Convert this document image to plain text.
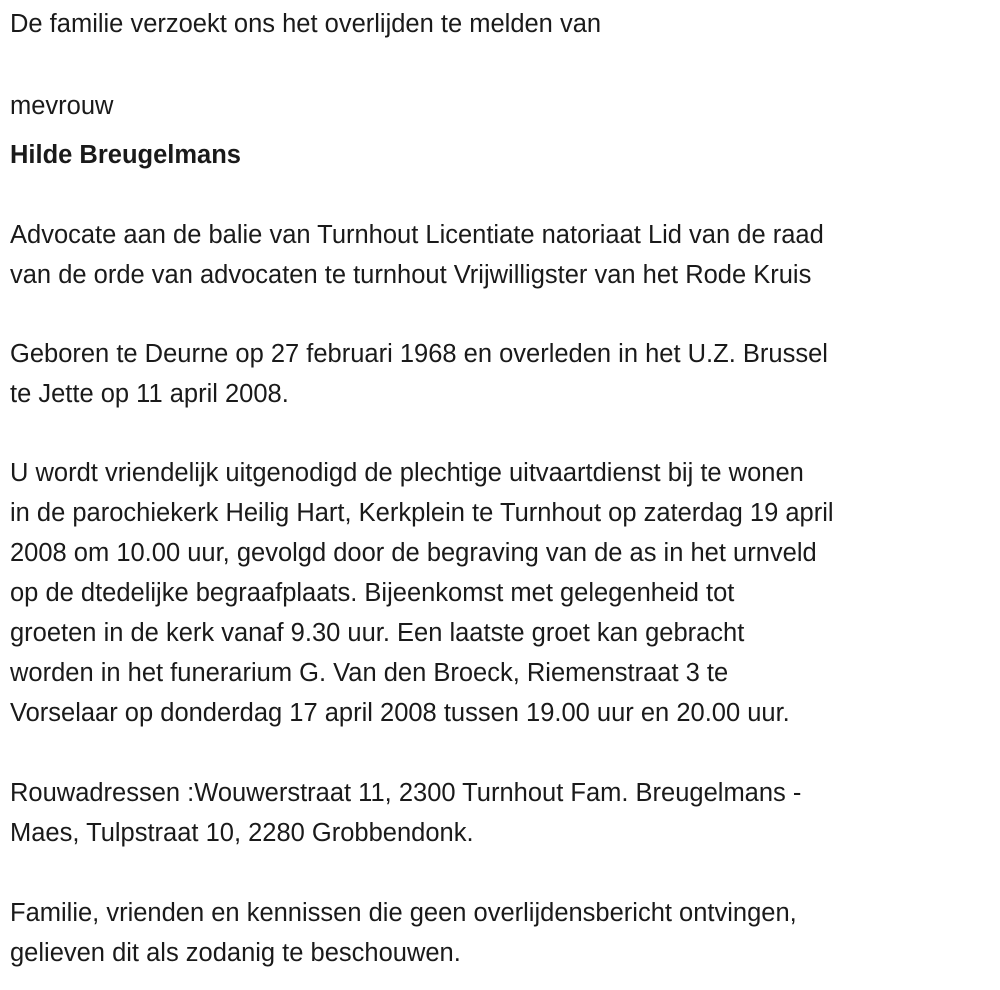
De familie verzoekt ons het overlijden te melden van
mevrouw
Hilde Breugelmans
Advocate aan de balie van Turnhout Licentiate natoriaat Lid van de raad
van de orde van advocaten te turnhout Vrijwilligster van het Rode Kruis
Geboren te Deurne op 27 februari 1968 en overleden in het U.Z. Brussel
te Jette op 11 april 2008.
U wordt vriendelijk uitgenodigd de plechtige uitvaartdienst bij te wonen
in de parochiekerk Heilig Hart, Kerkplein te Turnhout op zaterdag 19 april
2008 om 10.00 uur, gevolgd door de begraving van de as in het urnveld
op de dtedelijke begraafplaats. Bijeenkomst met gelegenheid tot
groeten in de kerk vanaf 9.30 uur. Een laatste groet kan gebracht
worden in het funerarium G. Van den Broeck, Riemenstraat 3 te
Vorselaar op donderdag 17 april 2008 tussen 19.00 uur en 20.00 uur.
Rouwadressen :Wouwerstraat 11, 2300 Turnhout Fam. Breugelmans -
Maes, Tulpstraat 10, 2280 Grobbendonk.
Familie, vrienden en kennissen die geen overlijdensbericht ontvingen,
gelieven dit als zodanig te beschouwen.
